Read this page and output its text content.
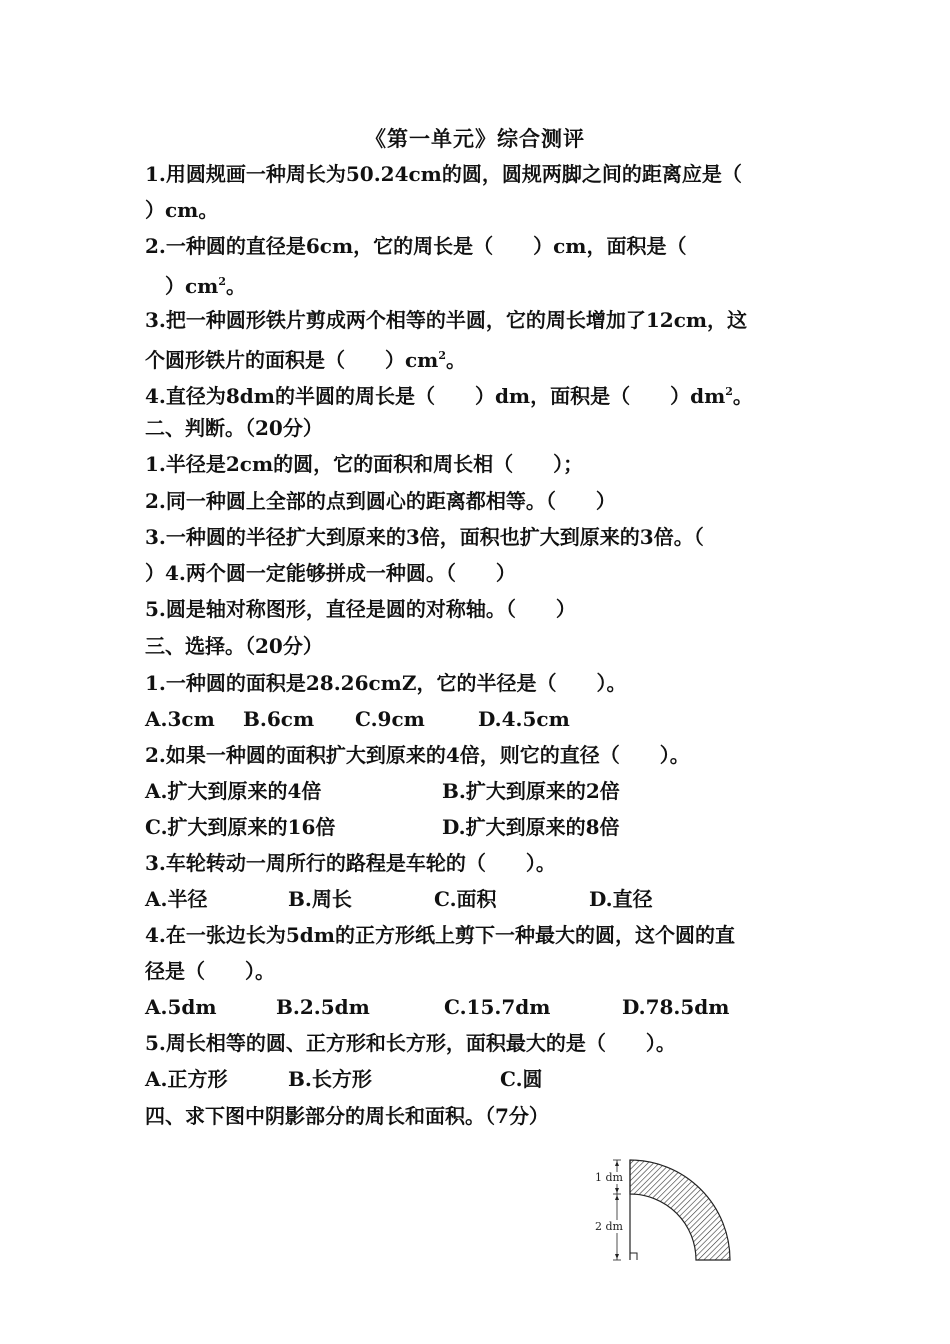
《第一单元》综合测评
1.用圆规画一种周长为50.24cm的圆，圆规两脚之间的距离应是（
）cm。
2.一种圆的直径是6cm，它的周长是（　　）cm，面积是（
　）$cm^2$。
3.把一种圆形铁片剪成两个相等的半圆，它的周长增加了12cm，这
个圆形铁片的面积是（　　）$cm^2$。
4.直径为8dm的半圆的周长是（　　）dm，面积是（　　）$dm^2$。
二、判断。（20分）
1.半径是2cm的圆，它的面积和周长相（　　）；
2.同一种圆上全部的点到圆心的距离都相等。（　　）
3.一种圆的半径扩大到原来的3倍，面积也扩大到原来的3倍。（
）4.两个圆一定能够拼成一种圆。（　　）
5.圆是轴对称图形，直径是圆的对称轴。（　　）
三、选择。（20分）
1.一种圆的面积是28.26cmZ，它的半径是（　　）。
A.3cm B.6cm C.9cm	D.4.5cm
2.如果一种圆的面积扩大到原来的4倍，则它的直径（　　）。
A.扩大到原来的4倍	B.扩大到原来的2倍
C.扩大到原来的16倍	D.扩大到原来的8倍
3.车轮转动一周所行的路程是车轮的（　　）。
A.半径	B.周长	C.面积	D.直径
4.在一张边长为5dm的正方形纸上剪下一种最大的圆，这个圆的直
径是（　　）。
A.5dm	B.2.5dm	C.15.7dm	D.78.5dm
5.周长相等的圆、正方形和长方形，面积最大的是（　　）。
A.正方形	B.长方形	C.圆
四、求下图中阴影部分的周长和面积。（7分）
1 dm
2 dm
